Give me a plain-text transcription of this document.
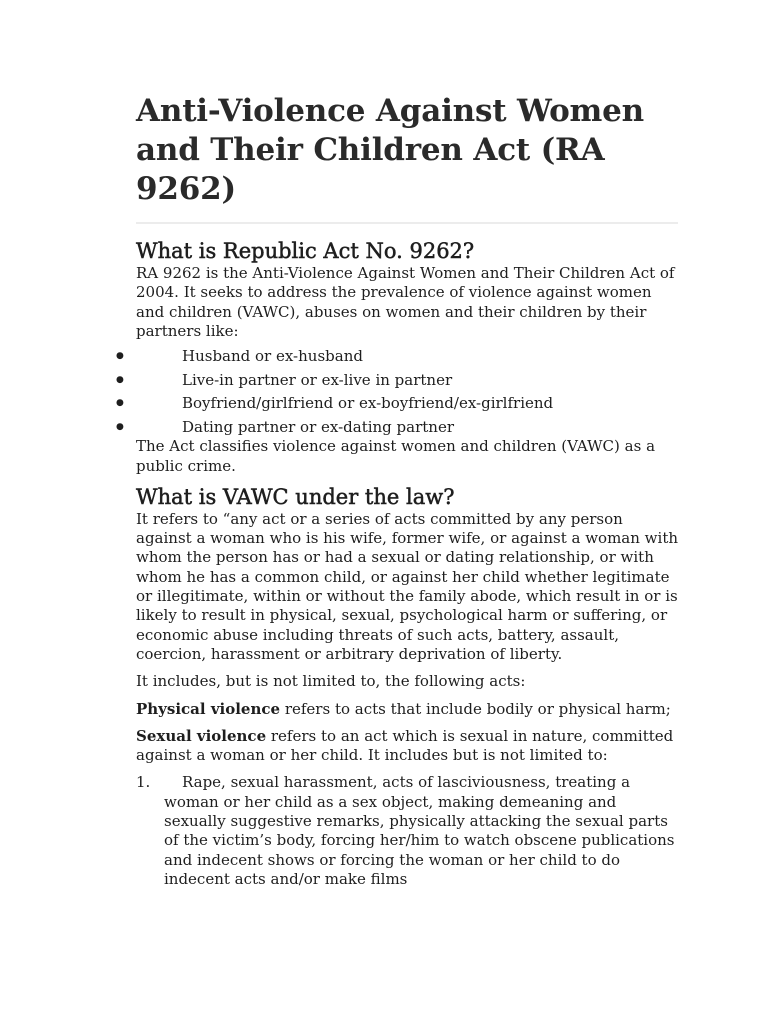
Anti-Violence Against Women and Their Children Act (RA 9262)
What is Republic Act No. 9262?

RA 9262 is the Anti-Violence Against Women and Their Children Act of 2004. It seeks to address the prevalence of violence against women and children (VAWC), abuses on women and their children by their partners like:

●	Husband or ex-husband
●	Live-in partner or ex-live in partner
●	Boyfriend/girlfriend or ex-boyfriend/ex-girlfriend
●	Dating partner or ex-dating partner

The Act classifies violence against women and children (VAWC) as a public crime.

What is VAWC under the law?

It refers to “any act or a series of acts committed by any person against a woman who is his wife, former wife, or against a woman with whom the person has or had a sexual or dating relationship, or with whom he has a common child, or against her child whether legitimate or illegitimate, within or without the family abode, which result in or is likely to result in physical, sexual, psychological harm or suffering, or economic abuse including threats of such acts, battery, assault, coercion, harassment or arbitrary deprivation of liberty.

It includes, but is not limited to, the following acts:

Physical violence refers to acts that include bodily or physical harm;

Sexual violence refers to an act which is sexual in nature, committed against a woman or her child. It includes but is not limited to:

1. Rape, sexual harassment, acts of lasciviousness, treating a woman or her child as a sex object, making demeaning and sexually suggestive remarks, physically attacking the sexual parts of the victim’s body, forcing her/him to watch obscene publications and indecent shows or forcing the woman or her child to do indecent acts and/or make films
